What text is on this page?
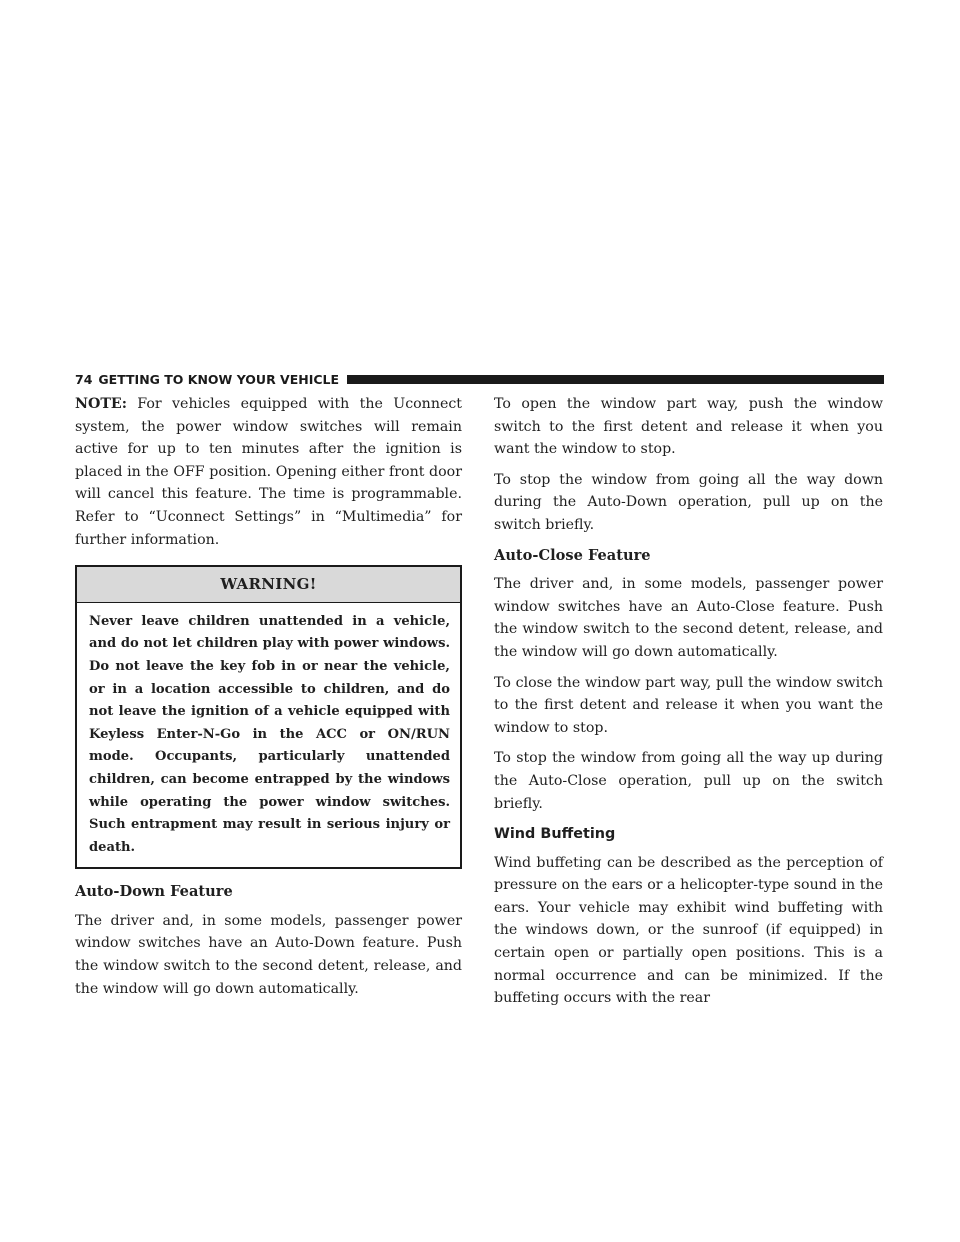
74 GETTING TO KNOW YOUR VEHICLE

NOTE: For vehicles equipped with the Uconnect system, the power window switches will remain active for up to ten minutes after the ignition is placed in the OFF position. Opening either front door will cancel this feature. The time is programmable. Refer to “Uconnect Settings” in “Multimedia” for further information.

WARNING!
Never leave children unattended in a vehicle, and do not let children play with power windows. Do not leave the key fob in or near the vehicle, or in a location accessible to children, and do not leave the ignition of a vehicle equipped with Keyless Enter-N-Go in the ACC or ON/RUN mode. Occupants, particularly unattended children, can become entrapped by the windows while operating the power window switches. Such entrapment may result in serious injury or death.
Auto-Down Feature

The driver and, in some models, passenger power window switches have an Auto-Down feature. Push the window switch to the second detent, release, and the window will go down automatically.

To open the window part way, push the window switch to the first detent and release it when you want the window to stop.

To stop the window from going all the way down during the Auto-Down operation, pull up on the switch briefly.

Auto-Close Feature

The driver and, in some models, passenger power window switches have an Auto-Close feature. Push the window switch to the second detent, release, and the window will go down automatically.

To close the window part way, pull the window switch to the first detent and release it when you want the window to stop.

To stop the window from going all the way up during the Auto-Close operation, pull up on the switch briefly.

Wind Buffeting

Wind buffeting can be described as the perception of pressure on the ears or a helicopter-type sound in the ears. Your vehicle may exhibit wind buffeting with the windows down, or the sunroof (if equipped) in certain open or partially open positions. This is a normal occurrence and can be minimized. If the buffeting occurs with the rear
